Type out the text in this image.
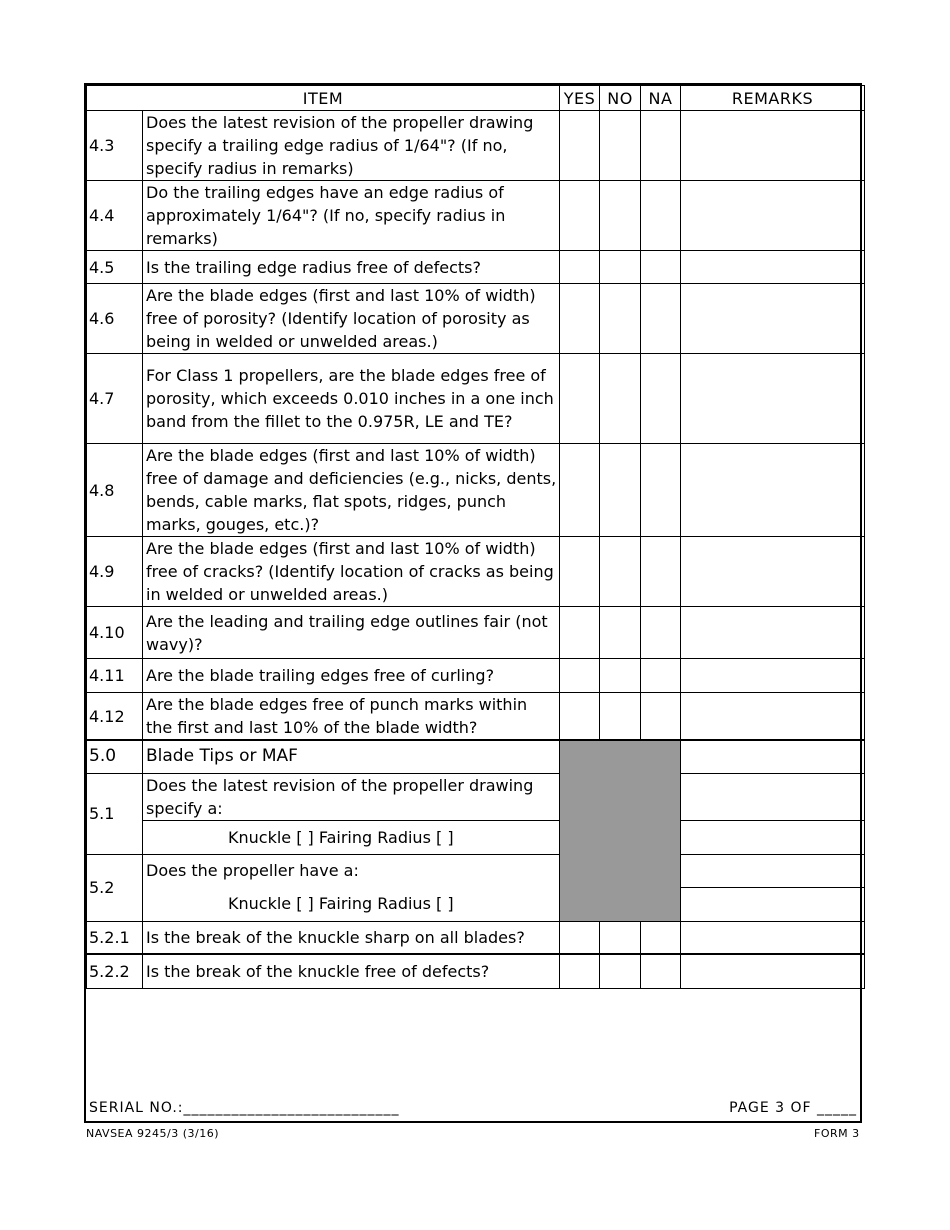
ITEM		YES	NO	NA	REMARKS
4.3	Does the latest revision of the propeller drawing specify a trailing edge radius of 1/64"? (If no, specify radius in remarks)				
4.4	Do the trailing edges have an edge radius of approximately 1/64"? (If no, specify radius in remarks)				
4.5	Is the trailing edge radius free of defects?				
4.6	Are the blade edges (first and last 10% of width) free of porosity? (Identify location of porosity as being in welded or unwelded areas.)				
4.7	For Class 1 propellers, are the blade edges free of porosity, which exceeds 0.010 inches in a one inch band from the fillet to the 0.975R, LE and TE?				
4.8	Are the blade edges (first and last 10% of width) free of damage and deficiencies (e.g., nicks, dents, bends, cable marks, flat spots, ridges, punch marks, gouges, etc.)?				
4.9	Are the blade edges (first and last 10% of width) free of cracks? (Identify location of cracks as being in welded or unwelded areas.)				
4.10	Are the leading and trailing edge outlines fair (not wavy)?				
4.11	Are the blade trailing edges free of curling?				
4.12	Are the blade edges free of punch marks within the first and last 10% of the blade width?				
5.0	Blade Tips or MAF				
5.1	Does the latest revision of the propeller drawing specify a:				
	Knuckle [ ] Fairing Radius [ ]				
5.2	Does the propeller have a:				
	Knuckle [ ] Fairing Radius [ ]				
5.2.1	Is the break of the knuckle sharp on all blades?				
5.2.2	Is the break of the knuckle free of defects?				
SERIAL NO.:___________________________	PAGE 3 OF _____
NAVSEA 9245/3 (3/16)	FORM 3
